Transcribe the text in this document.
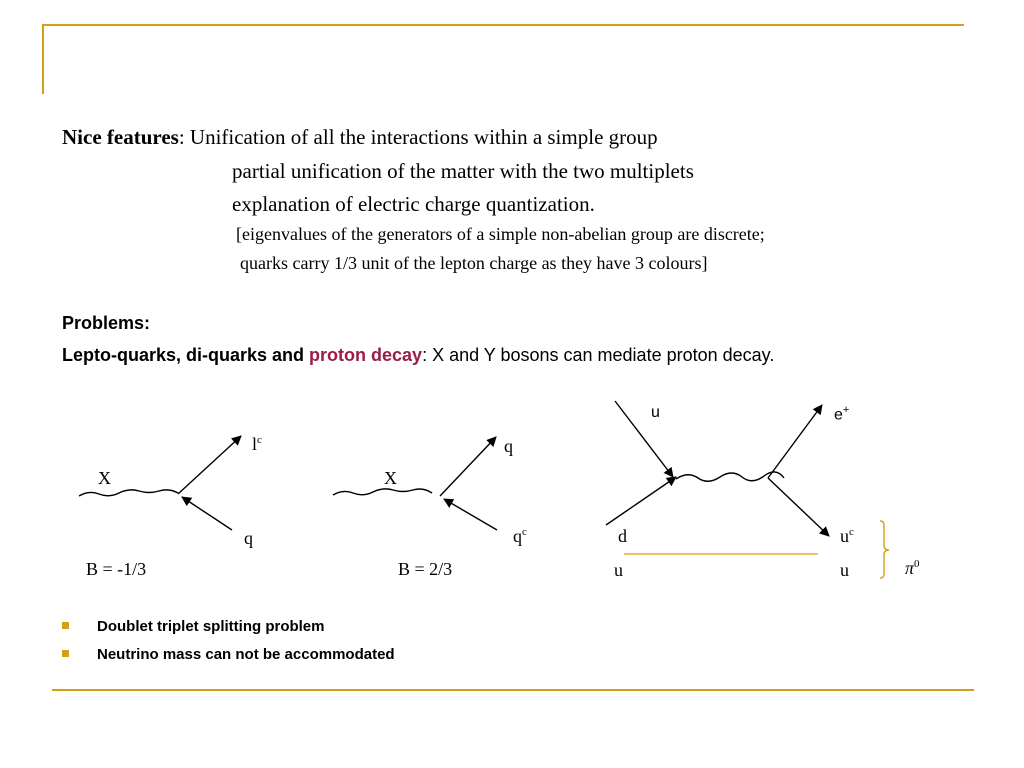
Nice features: Unification of all the interactions within a simple group
partial unification of the matter with the two multiplets
explanation of electric charge quantization.
[eigenvalues of the generators of a simple non-abelian group are discrete;
quarks carry 1/3 unit of the lepton charge as they have 3 colours]
Problems:
Lepto-quarks, di-quarks and proton decay: X and Y bosons can mediate proton decay.
X
$l^c$
q
B = -1/3
X
q
$q^c$
B = 2/3
u	e+
d
u
$u^c$
u	$\pi^0$
Doublet triplet splitting problem
Neutrino mass can not be accommodated
